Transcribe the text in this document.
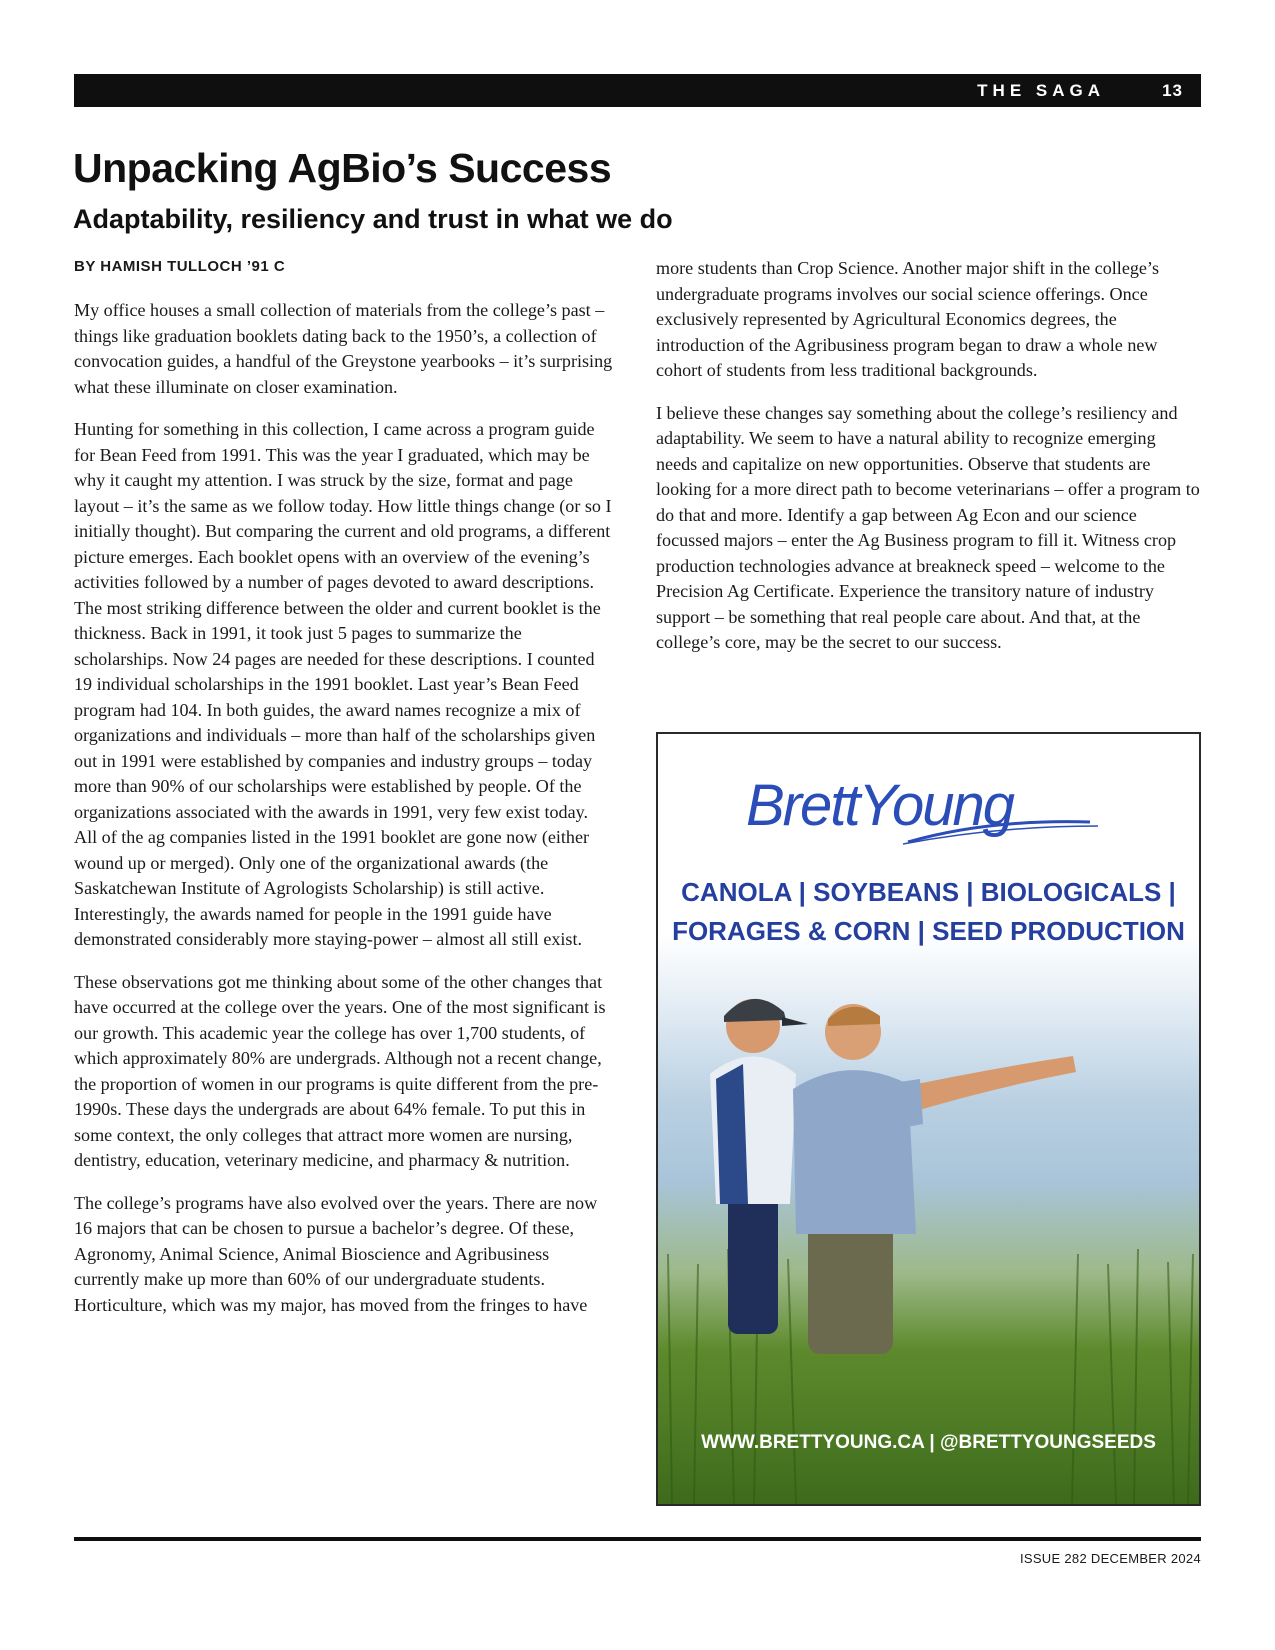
THE SAGA	13
Unpacking AgBio’s Success
Adaptability, resiliency and trust in what we do
BY HAMISH TULLOCH ’91 C

My office houses a small collection of materials from the college’s past – things like graduation booklets dating back to the 1950’s, a collection of convocation guides, a handful of the Greystone yearbooks – it’s surprising what these illuminate on closer examination.

Hunting for something in this collection, I came across a program guide for Bean Feed from 1991. This was the year I graduated, which may be why it caught my attention. I was struck by the size, format and page layout – it’s the same as we follow today. How little things change (or so I initially thought). But comparing the current and old programs, a different picture emerges. Each booklet opens with an overview of the evening’s activities followed by a number of pages devoted to award descriptions. The most striking difference between the older and current booklet is the thickness. Back in 1991, it took just 5 pages to summarize the scholarships. Now 24 pages are needed for these descriptions. I counted 19 individual scholarships in the 1991 booklet. Last year’s Bean Feed program had 104. In both guides, the award names recognize a mix of organizations and individuals – more than half of the scholarships given out in 1991 were established by companies and industry groups – today more than 90% of our scholarships were established by people. Of the organizations associated with the awards in 1991, very few exist today. All of the ag companies listed in the 1991 booklet are gone now (either wound up or merged). Only one of the organizational awards (the Saskatchewan Institute of Agrologists Scholarship) is still active. Interestingly, the awards named for people in the 1991 guide have demonstrated considerably more staying-power – almost all still exist.

These observations got me thinking about some of the other changes that have occurred at the college over the years. One of the most significant is our growth. This academic year the college has over 1,700 students, of which approximately 80% are undergrads. Although not a recent change, the proportion of women in our programs is quite different from the pre-1990s. These days the undergrads are about 64% female. To put this in some context, the only colleges that attract more women are nursing, dentistry, education, veterinary medicine, and pharmacy & nutrition.

The college’s programs have also evolved over the years. There are now 16 majors that can be chosen to pursue a bachelor’s degree. Of these, Agronomy, Animal Science, Animal Bioscience and Agribusiness currently make up more than 60% of our undergraduate students. Horticulture, which was my major, has moved from the fringes to have

more students than Crop Science. Another major shift in the college’s undergraduate programs involves our social science offerings. Once exclusively represented by Agricultural Economics degrees, the introduction of the Agribusiness program began to draw a whole new cohort of students from less traditional backgrounds.

I believe these changes say something about the college’s resiliency and adaptability. We seem to have a natural ability to recognize emerging needs and capitalize on new opportunities. Observe that students are looking for a more direct path to become veterinarians – offer a program to do that and more. Identify a gap between Ag Econ and our science focussed majors – enter the Ag Business program to fill it. Witness crop production technologies advance at breakneck speed – welcome to the Precision Ag Certificate. Experience the transitory nature of industry support – be something that real people care about. And that, at the college’s core, may be the secret to our success.

BrettYoung

CANOLA | SOYBEANS | BIOLOGICALS |

FORAGES & CORN | SEED PRODUCTION

WWW.BRETTYOUNG.CA | @BRETTYOUNGSEEDS
ISSUE 282 DECEMBER 2024
